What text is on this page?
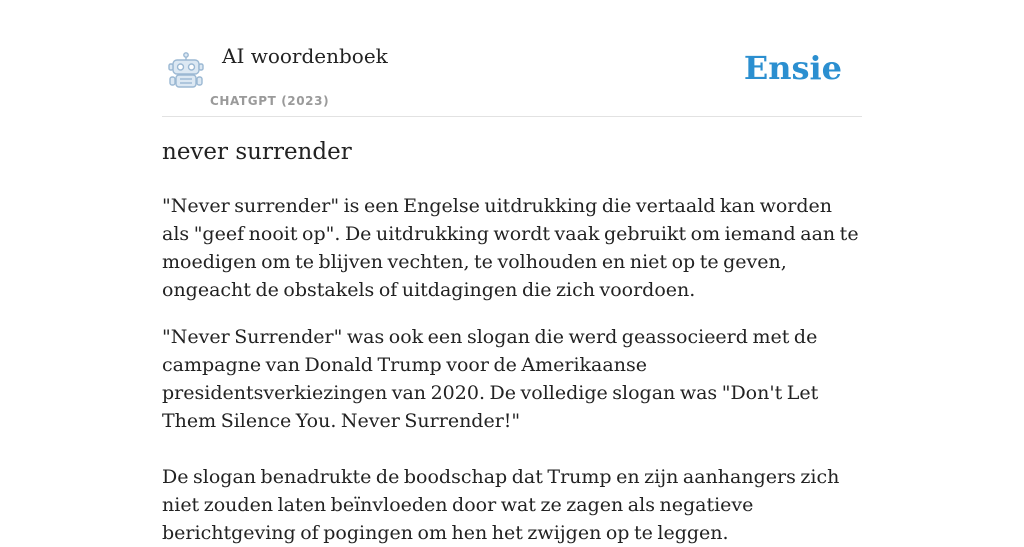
AI woordenboek
CHATGPT (2023)
Ensie
never surrender

"Never surrender" is een Engelse uitdrukking die vertaald kan worden als "geef nooit op". De uitdrukking wordt vaak gebruikt om iemand aan te moedigen om te blijven vechten, te volhouden en niet op te geven, ongeacht de obstakels of uitdagingen die zich voordoen.

"Never Surrender" was ook een slogan die werd geassocieerd met de campagne van Donald Trump voor de Amerikaanse presidentsverkiezingen van 2020. De volledige slogan was "Don't Let Them Silence You. Never Surrender!"

De slogan benadrukte de boodschap dat Trump en zijn aanhangers zich niet zouden laten beïnvloeden door wat ze zagen als negatieve berichtgeving of pogingen om hen het zwijgen op te leggen.
